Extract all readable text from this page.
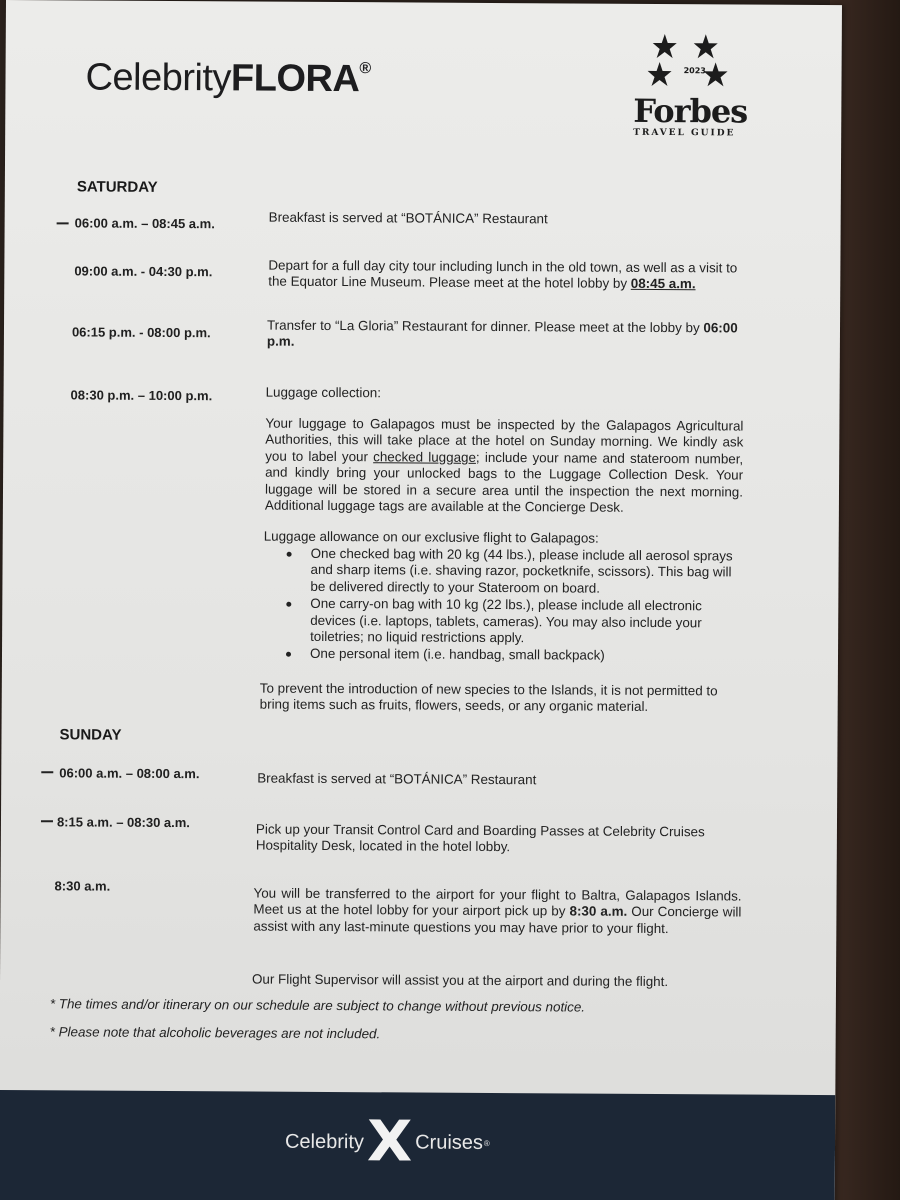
CelebrityFLORA®	2023
Forbes
TRAVEL GUIDE
SATURDAY
06:00 a.m. – 08:45 a.m.	Breakfast is served at “BOTÁNICA” Restaurant
09:00 a.m. - 04:30 p.m.	Depart for a full day city tour including lunch in the old town, as well as a visit to the Equator Line Museum. Please meet at the hotel lobby by 08:45 a.m.
06:15 p.m. - 08:00 p.m.	Transfer to “La Gloria” Restaurant for dinner. Please meet at the lobby by 06:00 p.m.
08:30 p.m. – 10:00 p.m.	Luggage collection:
Your luggage to Galapagos must be inspected by the Galapagos Agricultural Authorities, this will take place at the hotel on Sunday morning. We kindly ask you to label your checked luggage; include your name and stateroom number, and kindly bring your unlocked bags to the Luggage Collection Desk. Your luggage will be stored in a secure area until the inspection the next morning. Additional luggage tags are available at the Concierge Desk.
Luggage allowance on our exclusive flight to Galapagos:
One checked bag with 20 kg (44 lbs.), please include all aerosol sprays and sharp items (i.e. shaving razor, pocketknife, scissors). This bag will be delivered directly to your Stateroom on board.
One carry-on bag with 10 kg (22 lbs.), please include all electronic devices (i.e. laptops, tablets, cameras). You may also include your toiletries; no liquid restrictions apply.
One personal item (i.e. handbag, small backpack)
To prevent the introduction of new species to the Islands, it is not permitted to bring items such as fruits, flowers, seeds, or any organic material.
SUNDAY
06:00 a.m. – 08:00 a.m.	Breakfast is served at “BOTÁNICA” Restaurant
8:15 a.m. – 08:30 a.m.	Pick up your Transit Control Card and Boarding Passes at Celebrity Cruises Hospitality Desk, located in the hotel lobby.
8:30 a.m.	You will be transferred to the airport for your flight to Baltra, Galapagos Islands. Meet us at the hotel lobby for your airport pick up by 8:30 a.m. Our Concierge will assist with any last-minute questions you may have prior to your flight.
Our Flight Supervisor will assist you at the airport and during the flight.
* The times and/or itinerary on our schedule are subject to change without previous notice.
* Please note that alcoholic beverages are not included.
Celebrity X Cruises ®
